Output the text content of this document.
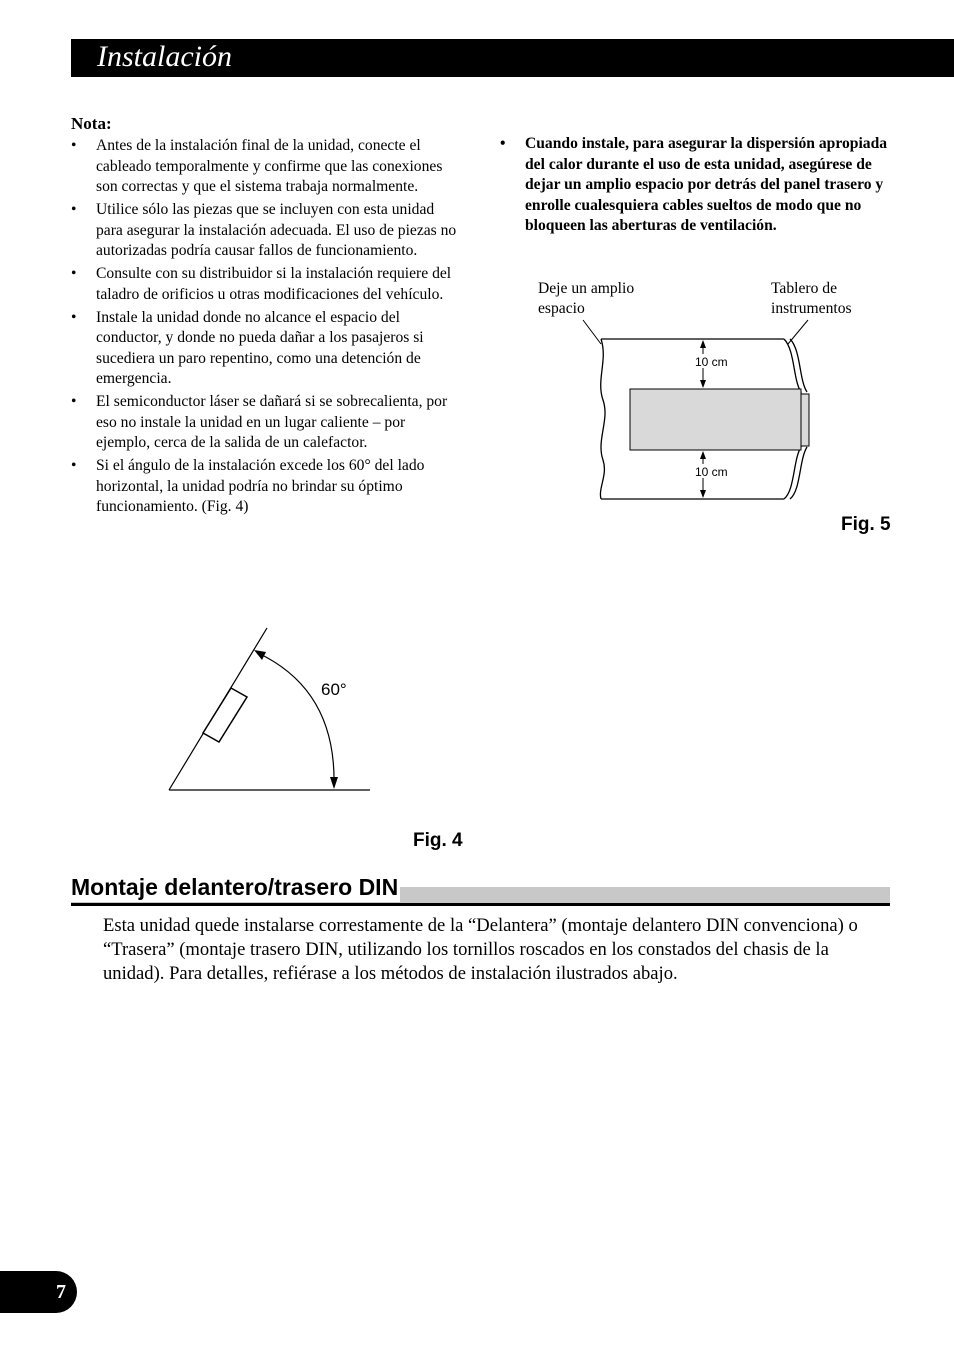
Instalación
Nota:
• Antes de la instalación final de la unidad, conecte el cableado temporalmente y confirme que las conexiones son correctas y que el sistema trabaja normalmente.
• Utilice sólo las piezas que se incluyen con esta unidad para asegurar la instalación adecuada. El uso de piezas no autorizadas podría causar fallos de funcionamiento.
• Consulte con su distribuidor si la instalación requiere del taladro de orificios u otras modificaciones del vehículo.
• Instale la unidad donde no alcance el espacio del conductor, y donde no pueda dañar a los pasajeros si sucediera un paro repentino, como una detención de emergencia.
• El semiconductor láser se dañará si se sobrecalienta, por eso no instale la unidad en un lugar caliente – por ejemplo, cerca de la salida de un calefactor.
• Si el ángulo de la instalación excede los 60° del lado horizontal, la unidad podría no brindar su óptimo funcionamiento. (Fig. 4)
• Cuando instale, para asegurar la dispersión apropiada del calor durante el uso de esta unidad, asegúrese de dejar un amplio espacio por detrás del panel trasero y enrolle cualesquiera cables sueltos de modo que no bloqueen las aberturas de ventilación.
Deje un amplio espacio
Tablero de instrumentos
10 cm
10 cm
60°
Fig. 5
Fig. 4
Montaje delantero/trasero DIN
Esta unidad quede instalarse correstamente de la “Delantera” (montaje delantero DIN convenciona) o “Trasera” (montaje trasero DIN, utilizando los tornillos roscados en los constados del chasis de la unidad). Para detalles, refiérase a los métodos de instalación ilustrados abajo.
7
